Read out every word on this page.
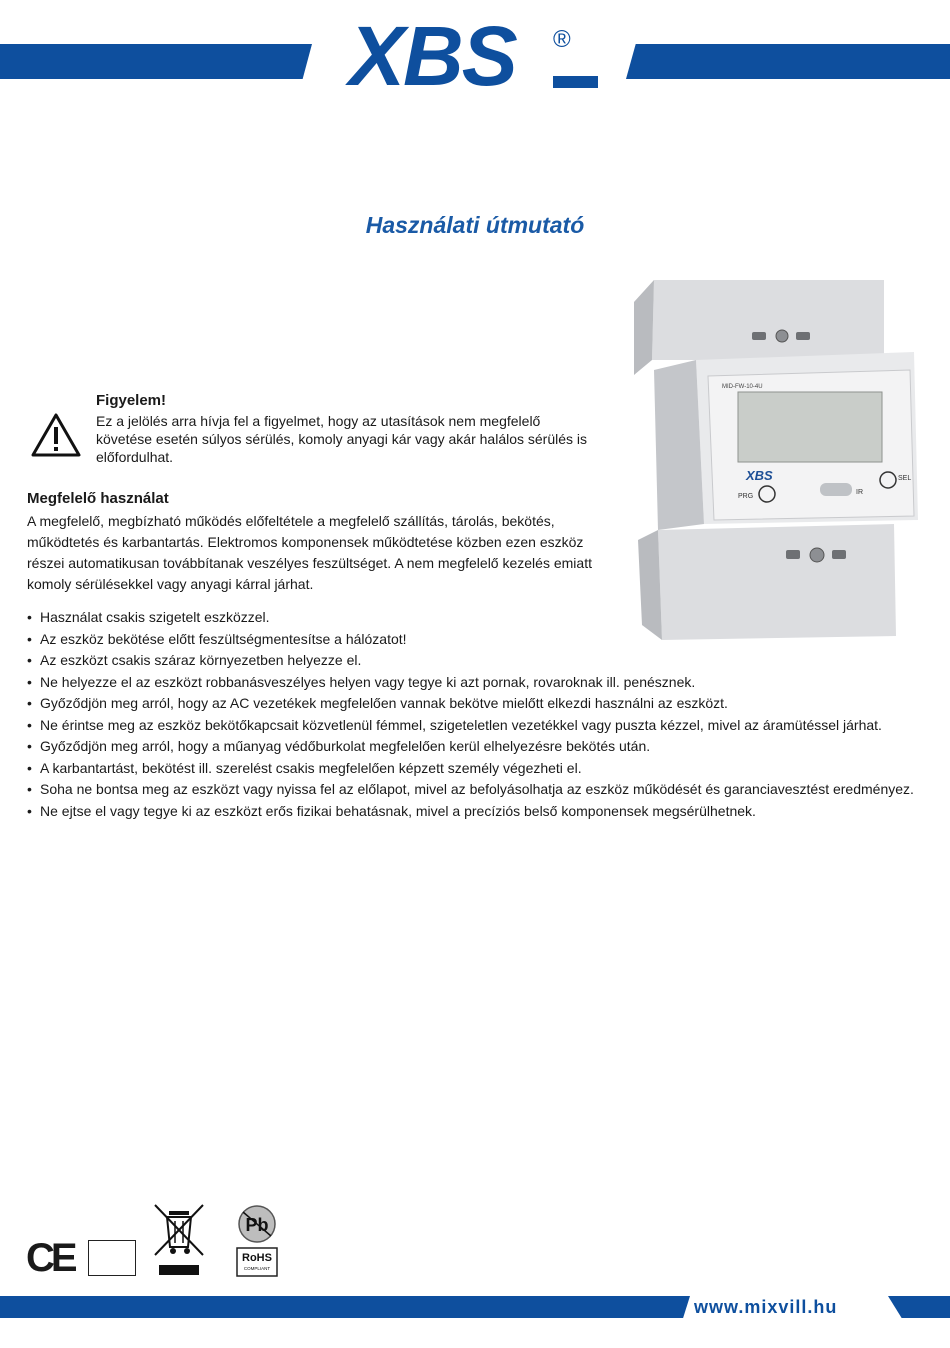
XBS ®
Használati útmutató
MID-FW-10-4U
XBS
PRG
IR
SEL
Figyelem!
Ez a jelölés arra hívja fel a figyelmet, hogy az utasítások nem megfelelő követése esetén súlyos sérülés, komoly anyagi kár vagy akár halálos sérülés is előfordulhat.
Megfelelő használat
A megfelelő, megbízható működés előfeltétele a megfelelő szállítás, tárolás, bekötés, működtetés és karbantartás. Elektromos komponensek működtetése közben ezen eszköz részei automatikusan továbbítanak veszélyes feszültséget. A nem megfelelő kezelés emiatt komoly sérülésekkel vagy anyagi kárral járhat.
• Használat csakis szigetelt eszközzel.
• Az eszköz bekötése előtt feszültségmentesítse a hálózatot!
• Az eszközt csakis száraz környezetben helyezze el.
• Ne helyezze el az eszközt robbanásveszélyes helyen vagy tegye ki azt pornak, rovaroknak ill. penésznek.
• Győződjön meg arról, hogy az AC vezetékek megfelelően vannak bekötve mielőtt elkezdi használni az eszközt.
• Ne érintse meg az eszköz bekötőkapcsait közvetlenül fémmel, szigeteletlen vezetékkel vagy puszta kézzel, mivel az áramütéssel járhat.
• Győződjön meg arról, hogy a műanyag védőburkolat megfelelően kerül elhelyezésre bekötés után.
• A karbantartást, bekötést ill. szerelést csakis megfelelően képzett személy végezheti el.
• Soha ne bontsa meg az eszközt vagy nyissa fel az előlapot, mivel az befolyásolhatja az eszköz működését és garanciavesztést eredményez.
• Ne ejtse el vagy tegye ki az eszközt erős fizikai behatásnak, mivel a precíziós belső komponensek megsérülhetnek.
CE
Pb
RoHS
COMPLIANT
www.mixvill.hu
